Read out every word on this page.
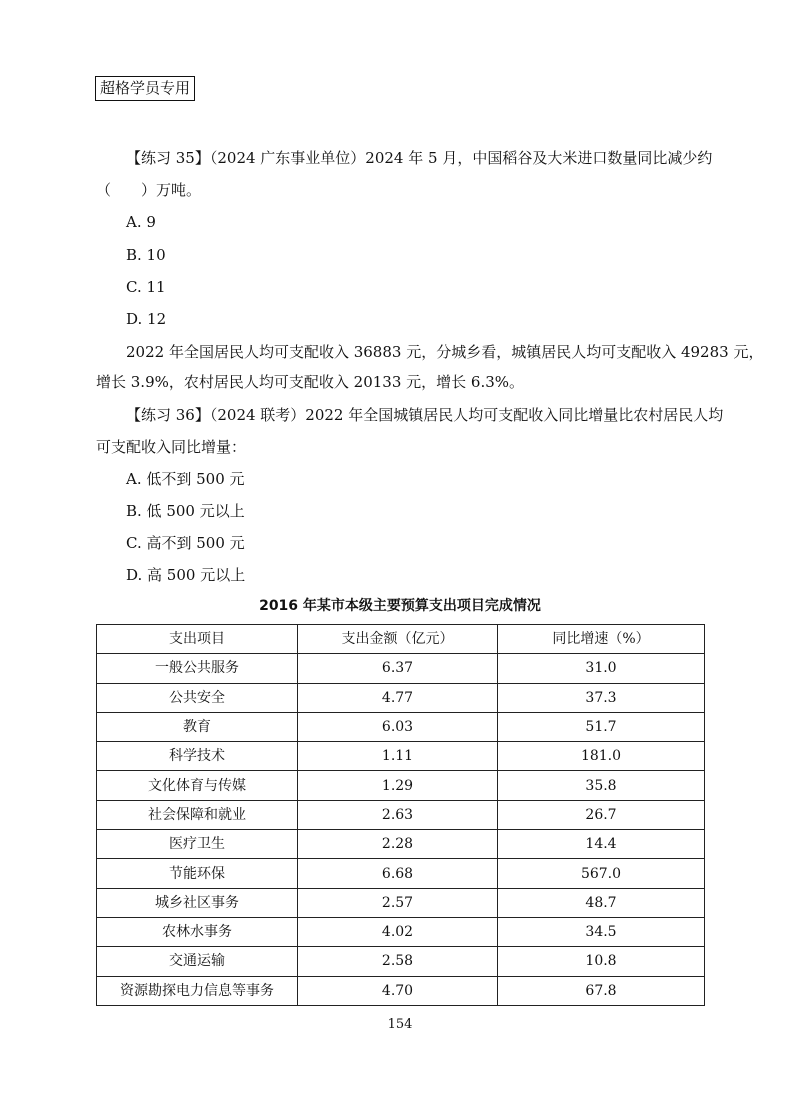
超格学员专用
【练习 35】（2024 广东事业单位）2024 年 5 月，中国稻谷及大米进口数量同比减少约
（　　）万吨。
A. 9
B. 10
C. 11
D. 12
2022 年全国居民人均可支配收入 36883 元，分城乡看，城镇居民人均可支配收入 49283 元，
增长 3.9%，农村居民人均可支配收入 20133 元，增长 6.3%。
【练习 36】（2024 联考）2022 年全国城镇居民人均可支配收入同比增量比农村居民人均
可支配收入同比增量：
A. 低不到 500 元
B. 低 500 元以上
C. 高不到 500 元
D. 高 500 元以上
2016 年某市本级主要预算支出项目完成情况
支出项目	支出金额（亿元）	同比增速（%）
一般公共服务	6.37	31.0
公共安全	4.77	37.3
教育	6.03	51.7
科学技术	1.11	181.0
文化体育与传媒	1.29	35.8
社会保障和就业	2.63	26.7
医疗卫生	2.28	14.4
节能环保	6.68	567.0
城乡社区事务	2.57	48.7
农林水事务	4.02	34.5
交通运输	2.58	10.8
资源勘探电力信息等事务	4.70	67.8
154
